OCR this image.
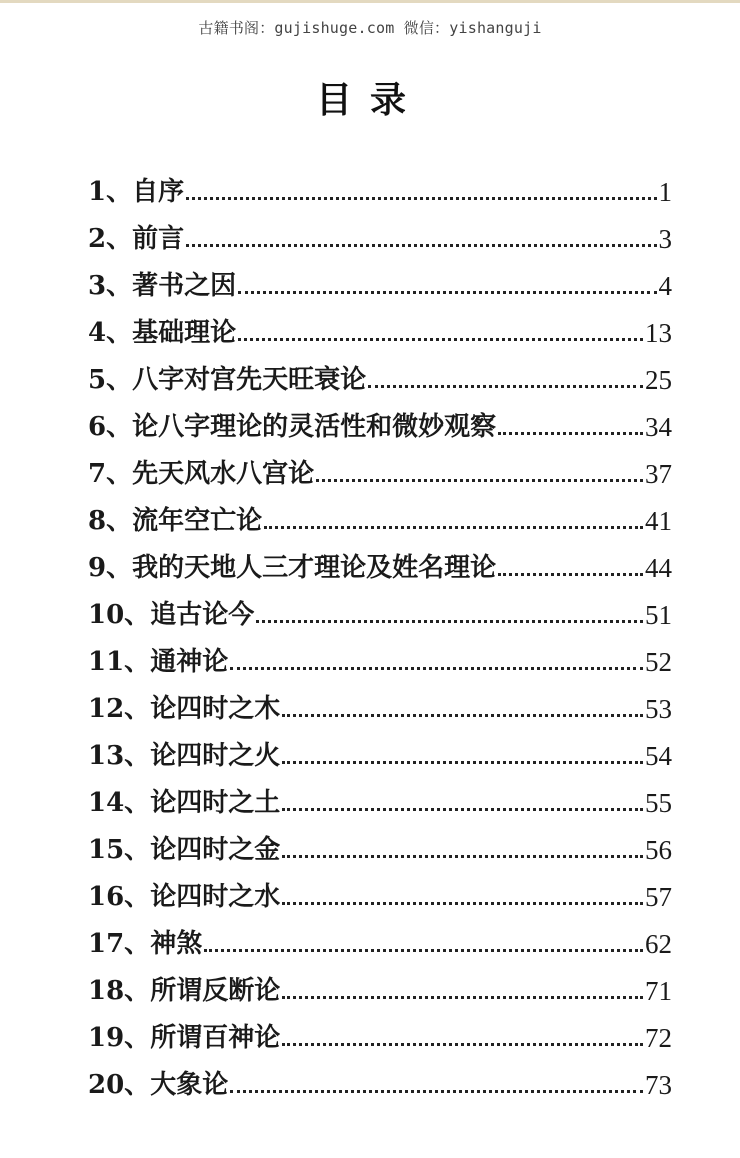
古籍书阁：gujishuge.com 微信：yishanguji
目录
1、 自序	1
2、 前言	3
3、 著书之因	4
4、 基础理论	13
5、 八字对宫先天旺衰论	25
6、 论八字理论的灵活性和微妙观察	34
7、 先天风水八宫论	37
8、 流年空亡论	41
9、 我的天地人三才理论及姓名理论	44
10、 追古论今	51
11、 通神论	52
12、 论四时之木	53
13、 论四时之火	54
14、 论四时之土	55
15、 论四时之金	56
16、 论四时之水	57
17、 神煞	62
18、 所谓反断论	71
19、 所谓百神论	72
20、 大象论	73
